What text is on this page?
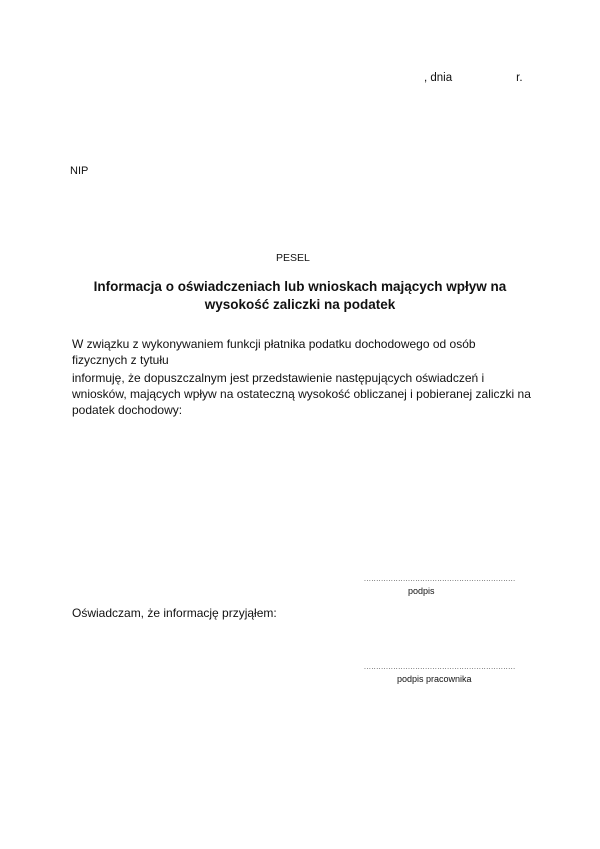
, dnia	r.
NIP
PESEL
Informacja o oświadczeniach lub wnioskach mających wpływ na wysokość zaliczki na podatek
W związku z wykonywaniem funkcji płatnika podatku dochodowego od osób fizycznych z tytułu
informuję, że dopuszczalnym jest przedstawienie następujących oświadczeń i wniosków, mających wpływ na ostateczną wysokość obliczanej i pobieranej zaliczki na podatek dochodowy:
..............................................................
podpis
Oświadczam, że informację przyjąłem:
..............................................................
podpis pracownika
